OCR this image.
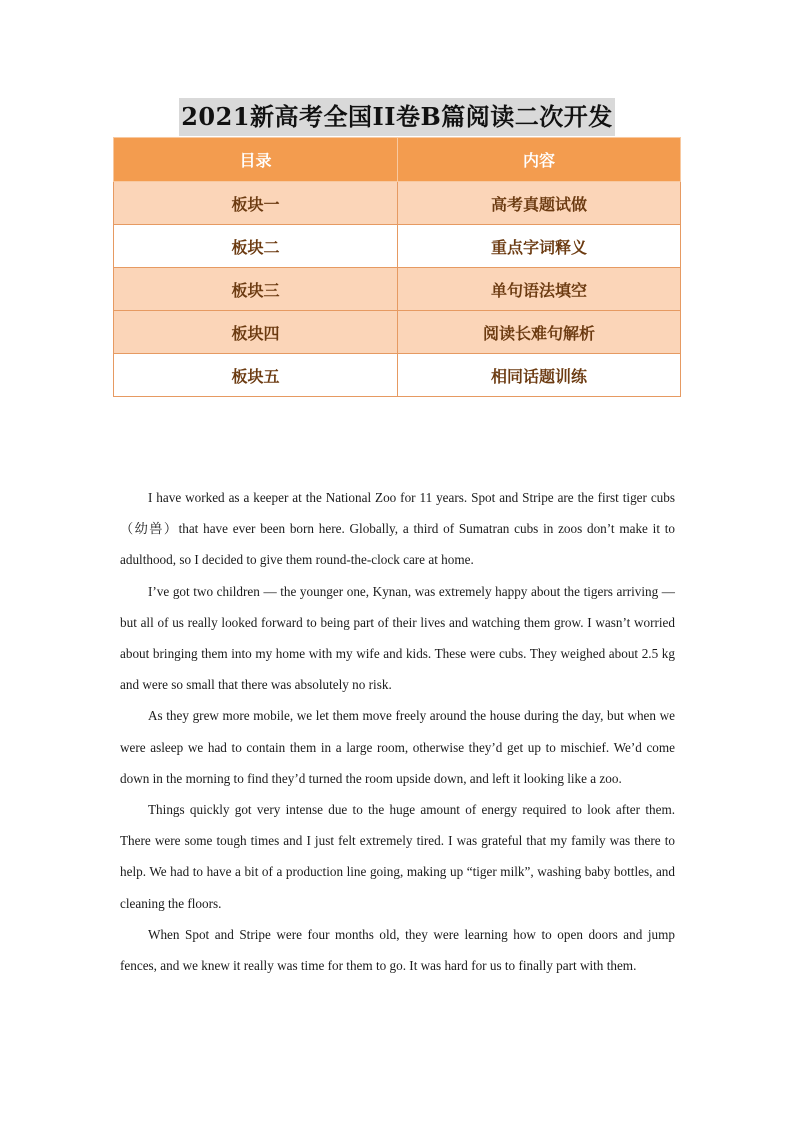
2021新高考全国II卷B篇阅读二次开发
目录	内容
板块一	高考真题试做
板块二	重点字词释义
板块三	单句语法填空
板块四	阅读长难句解析
板块五	相同话题训练

I have worked as a keeper at the National Zoo for 11 years. Spot and Stripe are the first tiger cubs（幼兽）that have ever been born here. Globally, a third of Sumatran cubs in zoos don’t make it to adulthood, so I decided to give them round-the-clock care at home.

I’ve got two children — the younger one, Kynan, was extremely happy about the tigers arriving — but all of us really looked forward to being part of their lives and watching them grow. I wasn’t worried about bringing them into my home with my wife and kids. These were cubs. They weighed about 2.5 kg and were so small that there was absolutely no risk.

As they grew more mobile, we let them move freely around the house during the day, but when we were asleep we had to contain them in a large room, otherwise they’d get up to mischief. We’d come down in the morning to find they’d turned the room upside down, and left it looking like a zoo.

Things quickly got very intense due to the huge amount of energy required to look after them. There were some tough times and I just felt extremely tired. I was grateful that my family was there to help. We had to have a bit of a production line going, making up “tiger milk”, washing baby bottles, and cleaning the floors.

When Spot and Stripe were four months old, they were learning how to open doors and jump fences, and we knew it really was time for them to go. It was hard for us to finally part with them.
